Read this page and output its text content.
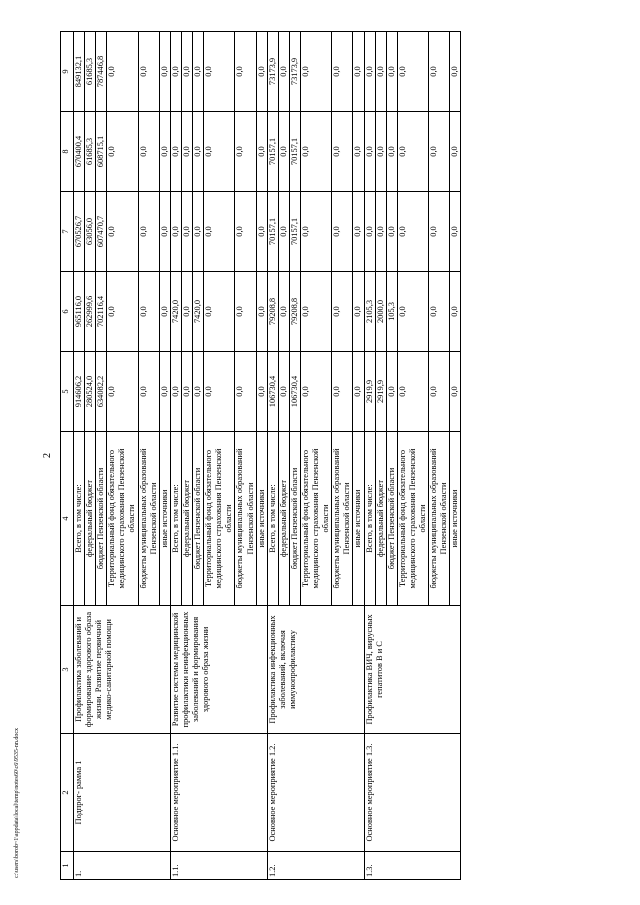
2
c:\users\borob~1\appdata\local\temp\notes60\c6\9535-nn.docx	1	2	3	4	5	6	7	8	9
1.	Подпрог- рамма 1	Профилактика заболеваний и формирование здорового образа жизни. Развитие первичной медико-санитарной помощи	Всего, в том числе:	914606,2	965116,0	670526,7	670400,4	849132,1
			федеральный бюджет	280524,0	262999,6	63056,0	61685,3	61685,3
			бюджет Пензенской области	634082,2	702116,4	607470,7	608715,1	787446,8
			Территориальный фонд обязательного медицинского страхования Пензенской области	0,0	0,0	0,0	0,0	0,0
			бюджеты муниципальных образований Пензенской области	0,0	0,0	0,0	0,0	0,0
			иные источники	0,0	0,0	0,0	0,0	0,0
1.1.	Основное мероприятие 1.1.	Развитие системы медицинской профилактики неинфекционных заболеваний и формирования здорового образа жизни	Всего, в том числе:	0,0	7420,0	0,0	0,0	0,0
			федеральный бюджет	0,0	0,0	0,0	0,0	0,0
			бюджет Пензенской области	0,0	7420,0	0,0	0,0	0,0
			Территориальный фонд обязательного медицинского страхования Пензенской области	0,0	0,0	0,0	0,0	0,0
			бюджеты муниципальных образований Пензенской области	0,0	0,0	0,0	0,0	0,0
			иные источники	0,0	0,0	0,0	0,0	0,0
1.2.	Основное мероприятие 1.2.	Профилактика инфекционных заболеваний, включая иммунопрофилактику	Всего, в том числе:	106730,4	79208,8	70157,1	70157,1	73173,9
			федеральный бюджет	0,0	0,0	0,0	0,0	0,0
			бюджет Пензенской области	106730,4	79208,8	70157,1	70157,1	73173,9
			Территориальный фонд обязательного медицинского страхования Пензенской области	0,0	0,0	0,0	0,0	0,0
			бюджеты муниципальных образований Пензенской области	0,0	0,0	0,0	0,0	0,0
			иные источники	0,0	0,0	0,0	0,0	0,0
1.3.	Основное мероприятие 1.3.	Профилактика ВИЧ, вирусных гепатитов В и С	Всего, в том числе:	2919,9	2105,3	0,0	0,0	0,0
			федеральный бюджет	2919,9	2000,0	0,0	0,0	0,0
			бюджет Пензенской области	0,0	105,3	0,0	0,0	0,0
			Территориальный фонд обязательного медицинского страхования Пензенской области	0,0	0,0	0,0	0,0	0,0
			бюджеты муниципальных образований Пензенской области	0,0	0,0	0,0	0,0	0,0
			иные источники	0,0	0,0	0,0	0,0	0,0
